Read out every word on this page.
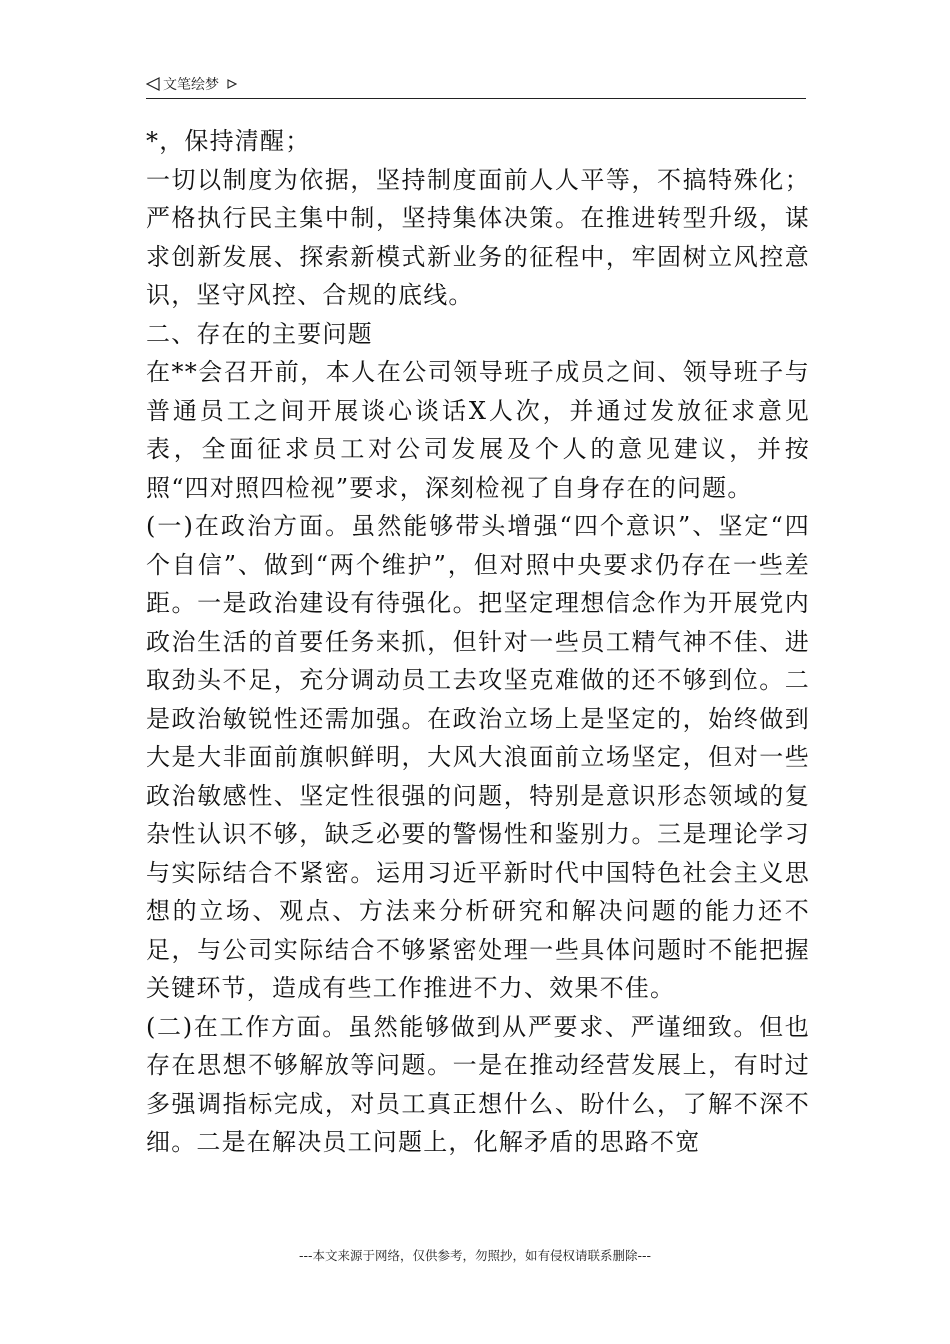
文笔绘梦

*，保持清醒；

一切以制度为依据，坚持制度面前人人平等，不搞特殊化；严格执行民主集中制，坚持集体决策。在推进转型升级，谋求创新发展、探索新模式新业务的征程中，牢固树立风控意识，坚守风控、合规的底线。

二、存在的主要问题

在**会召开前，本人在公司领导班子成员之间、领导班子与普通员工之间开展谈心谈话X人次，并通过发放征求意见表，全面征求员工对公司发展及个人的意见建议，并按照“四对照四检视”要求，深刻检视了自身存在的问题。

(一)在政治方面。虽然能够带头增强“四个意识”、坚定“四个自信”、做到“两个维护”，但对照中央要求仍存在一些差距。一是政治建设有待强化。把坚定理想信念作为开展党内政治生活的首要任务来抓，但针对一些员工精气神不佳、进取劲头不足，充分调动员工去攻坚克难做的还不够到位。二是政治敏锐性还需加强。在政治立场上是坚定的，始终做到大是大非面前旗帜鲜明，大风大浪面前立场坚定，但对一些政治敏感性、坚定性很强的问题，特别是意识形态领域的复杂性认识不够，缺乏必要的警惕性和鉴别力。三是理论学习与实际结合不紧密。运用习近平新时代中国特色社会主义思想的立场、观点、方法来分析研究和解决问题的能力还不足，与公司实际结合不够紧密处理一些具体问题时不能把握关键环节，造成有些工作推进不力、效果不佳。

(二)在工作方面。虽然能够做到从严要求、严谨细致。但也存在思想不够解放等问题。一是在推动经营发展上，有时过多强调指标完成，对员工真正想什么、盼什么，了解不深不细。二是在解决员工问题上，化解矛盾的思路不宽

---本文来源于网络，仅供参考，勿照抄，如有侵权请联系删除---
